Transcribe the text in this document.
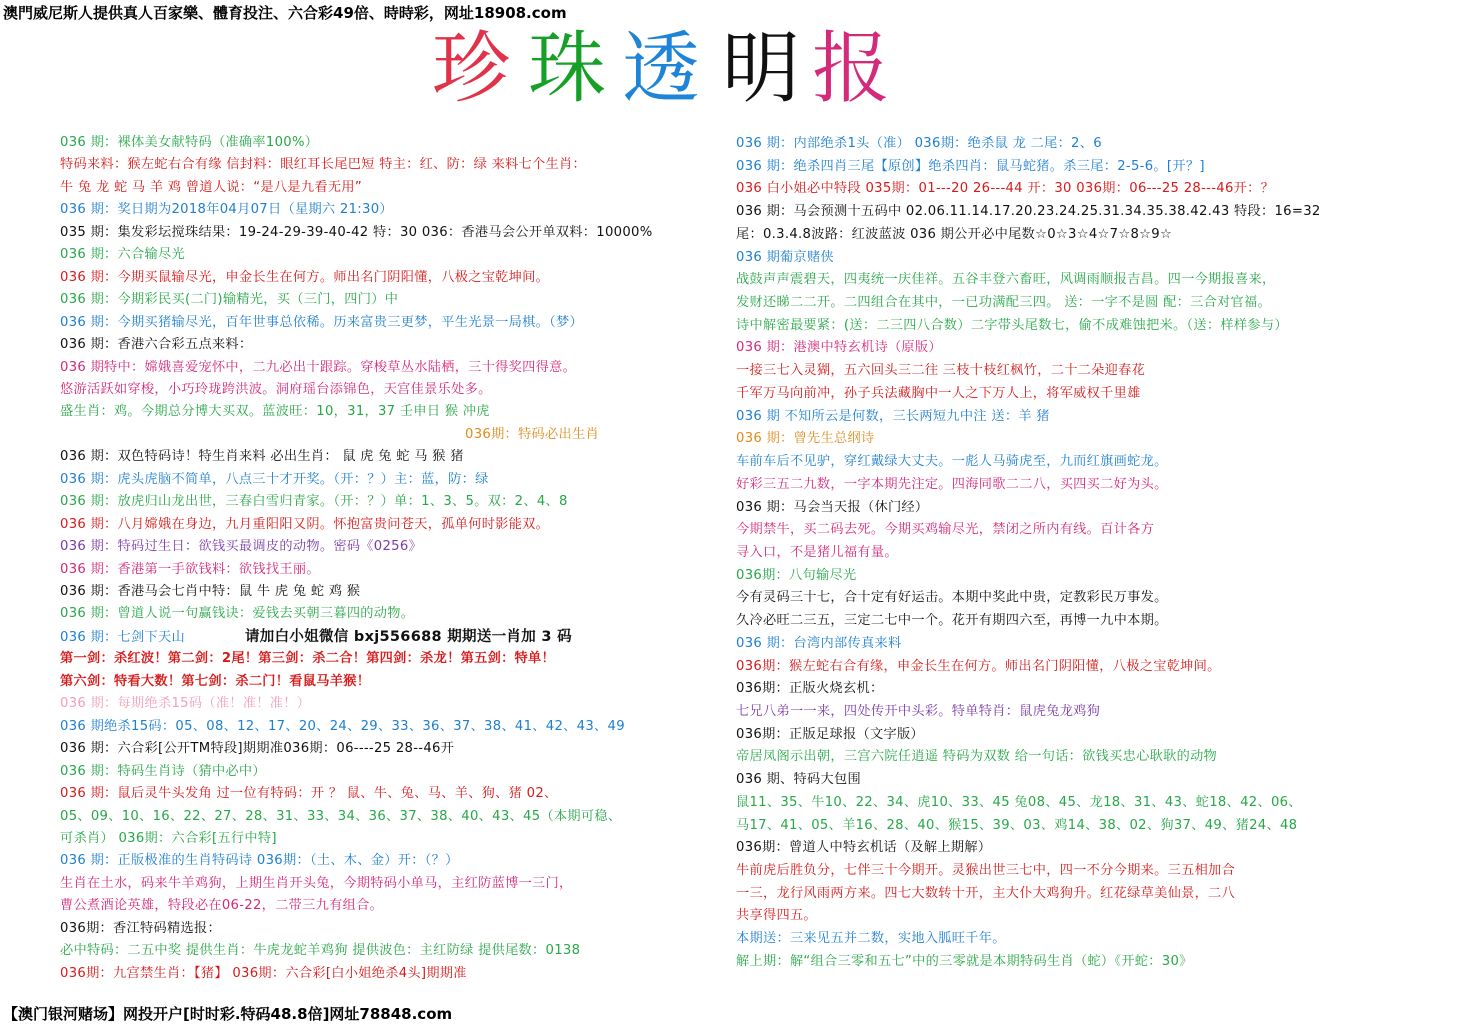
澳門威尼斯人提供真人百家樂、體育投注、六合彩49倍、時時彩，网址18908.com
珍 珠 透 明 报
036 期：裸体美女献特码（准确率100%）
特码来料：猴左蛇右合有缘 信封料：眼红耳长尾巴短 特主：红、防：绿 来料七个生肖：
牛 兔 龙 蛇 马 羊 鸡 曾道人说：“是八是九看无用”
036 期：奖日期为2018年04月07日（星期六 21:30）
035 期：集发彩坛搅珠结果：19-24-29-39-40-42 特：30 036：香港马会公开单双料：10000%
036 期：六合输尽光
036 期：今期买鼠输尽光，申金长生在何方。师出名门阴阳懂，八极之宝乾坤间。
036 期：今期彩民买(二门)输精光，买（三门，四门）中
036 期：今期买猪输尽光，百年世事总依稀。历来富贵三更梦，平生光景一局棋。（梦）
036 期：香港六合彩五点来料：
036 期特中：嫦娥喜爱宠怀中，二九必出十跟踪。穿梭草丛水陆栖，三十得奖四得意。
悠游活跃如穿梭，小巧玲珑跨洪波。洞府瑶台添锦色，天宫佳景乐处多。
盛生肖：鸡。今期总分博大买双。蓝波旺：10，31，37 壬申日 猴 冲虎
036期：特码必出生肖
036 期：双色特码诗！特生肖来料 必出生肖： 鼠 虎 兔 蛇 马 猴 猪
036 期：虎头虎脑不简单，八点三十才开奖。（开：？）主：蓝，防：绿
036 期：放虎归山龙出世，三春白雪归青家。（开：？）单：1、3、5。双：2、4、8
036 期：八月嫦娥在身边，九月重阳阳又阴。怀抱富贵问苍天，孤单何时影能双。
036 期：特码过生日：欲钱买最调皮的动物。密码《0256》
036 期：香港第一手欲钱料：欲钱找王丽。
036 期：香港马会七肖中特：鼠 牛 虎 兔 蛇 鸡 猴
036 期：曾道人说一句赢钱诀：爱钱去买朝三暮四的动物。
036 期：七剑下天山	请加白小姐微信 bxj556688 期期送一肖加 3 码
第一剑：杀红波！第二剑：2尾！第三剑：杀二合！第四剑：杀龙！第五剑：特单！
第六剑：特看大数！第七剑：杀二门！看鼠马羊猴！
036 期：每期绝杀15码（准！准！准！）
036 期绝杀15码：05、08、12、17、20、24、29、33、36、37、38、41、42、43、49
036 期：六合彩[公开TM特段]期期准036期：06----25 28--46开
036 期：特码生肖诗（猜中必中）
036 期：鼠后灵牛头发角 过一位有特码：开 ？ 鼠、牛、兔、马、羊、狗、猪 02、
05、09、10、16、22、27、28、31、33、34、36、37、38、40、43、45（本期可稳、
可杀肖） 036期：六合彩[五行中特]
036 期：正版极准的生肖特码诗 036期：（土、木、金）开：（？）
生肖在土水，码来牛羊鸡狗，上期生肖开头兔，今期特码小单马，主红防蓝博一三门，
曹公煮酒论英雄，特段必在06-22，二带三九有组合。
036期：香江特码精选报：
必中特码：二五中奖 提供生肖：牛虎龙蛇羊鸡狗 提供波色：主红防绿 提供尾数：0138
036期：九宫禁生肖：【猪】 036期：六合彩[白小姐绝杀4头]期期准
036 期：内部绝杀1头（准） 036期：绝杀鼠 龙 二尾：2、6
036 期：绝杀四肖三尾【原创】绝杀四肖：鼠马蛇猪。杀三尾：2-5-6。[开？]
036 白小姐必中特段 035期：01---20 26---44 开：30 036期：06---25 28---46开：？
036 期：马会预测十五码中 02.06.11.14.17.20.23.24.25.31.34.35.38.42.43 特段：16=32
尾：0.3.4.8波路：红波蓝波 036 期公开必中尾数☆0☆3☆4☆7☆8☆9☆
036 期葡京赌侠
战鼓声声震碧天，四夷统一庆佳祥。五谷丰登六畜旺，风调雨顺报吉昌。四一今期报喜来，
发财还睇二二开。二四组合在其中，一已功满配三四。 送：一字不是圆 配：三合对官福。
诗中解密最要紧：(送：二三四八合数）二字带头尾数七，偷不成难蚀把米。（送：样样参与）
036 期：港澳中特玄机诗（原版）
一接三七入灵猢，五六回头三二往 三枝十枝红枫竹，二十二朵迎春花
千军万马向前冲，孙子兵法藏胸中一人之下万人上，将军威权千里雄
036 期 不知所云是何数，三长两短九中注 送：羊 猪
036 期：曾先生总纲诗
车前车后不见驴，穿红戴绿大丈夫。一彪人马骑虎至，九而红旗画蛇龙。
好彩三五二九数，一字本期先注定。四海同歌二二八，买四买二好为头。
036 期：马会当天报（休门经）
今期禁牛，买二码去死。今期买鸡输尽光，禁闭之所内有线。百计各方
寻入口，不是猪儿福有量。
036期：八句输尽光
今有灵码三十七，合十定有好运击。本期中奖此中贵，定教彩民万事发。
久冷必旺二三五，三定二七中一个。花开有期四六至，再博一九中本期。
036 期：台湾内部传真来料
036期：猴左蛇右合有缘，申金长生在何方。师出名门阴阳懂，八极之宝乾坤间。
036期：正版火烧玄机：
七兄八弟一一来，四处传开中头彩。特单特肖：鼠虎兔龙鸡狗
036期：正版足球报（文字版）
帝居凤阁示出朝，三宫六院任逍遥 特码为双数 给一句话：欲钱买忠心耿耿的动物
036 期、特码大包围
鼠11、35、牛10、22、34、虎10、33、45 兔08、45、龙18、31、43、蛇18、42、06、
马17、41、05、羊16、28、40、猴15、39、03、鸡14、38、02、狗37、49、猪24、48
036期：曾道人中特玄机话（及解上期解）
牛前虎后胜负分，七伴三十今期开。灵猴出世三七中，四一不分今期来。三五相加合
一三，龙行风雨两方来。四七大数转十开，主大仆大鸡狗升。红花绿草美仙景，二八
共享得四五。
本期送：三来见五并二数，实地入胍旺千年。
解上期：解“组合三零和五七”中的三零就是本期特码生肖（蛇）《开蛇：30》
【澳门银河赌场】网投开户[时时彩.特码48.8倍]网址78848.com
